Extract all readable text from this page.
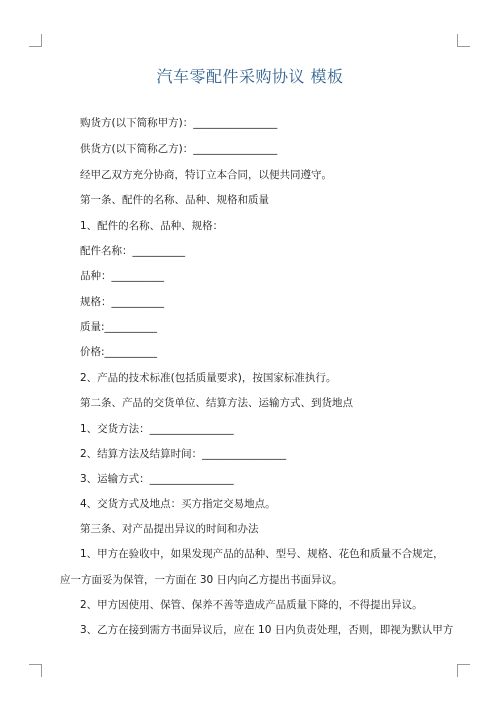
汽车零配件采购协议 模板
购货方(以下简称甲方)：________________
供货方(以下简称乙方)：________________
经甲乙双方充分协商，特订立本合同，以便共同遵守。
第一条、配件的名称、品种、规格和质量
1、配件的名称、品种、规格：
配件名称：__________
品种：__________
规格：__________
质量:__________
价格:__________
2、产品的技术标准(包括质量要求)，按国家标准执行。
第二条、产品的交货单位、结算方法、运输方式、到货地点
1、交货方法：________________
2、结算方法及结算时间：________________
3、运输方式：________________
4、交货方式及地点：买方指定交易地点。
第三条、对产品提出异议的时间和办法
1、甲方在验收中，如果发现产品的品种、型号、规格、花色和质量不合规定，
应一方面妥为保管，一方面在 30 日内向乙方提出书面异议。
2、甲方因使用、保管、保养不善等造成产品质量下降的，不得提出异议。
3、乙方在接到需方书面异议后，应在 10 日内负责处理，否则，即视为默认甲方
